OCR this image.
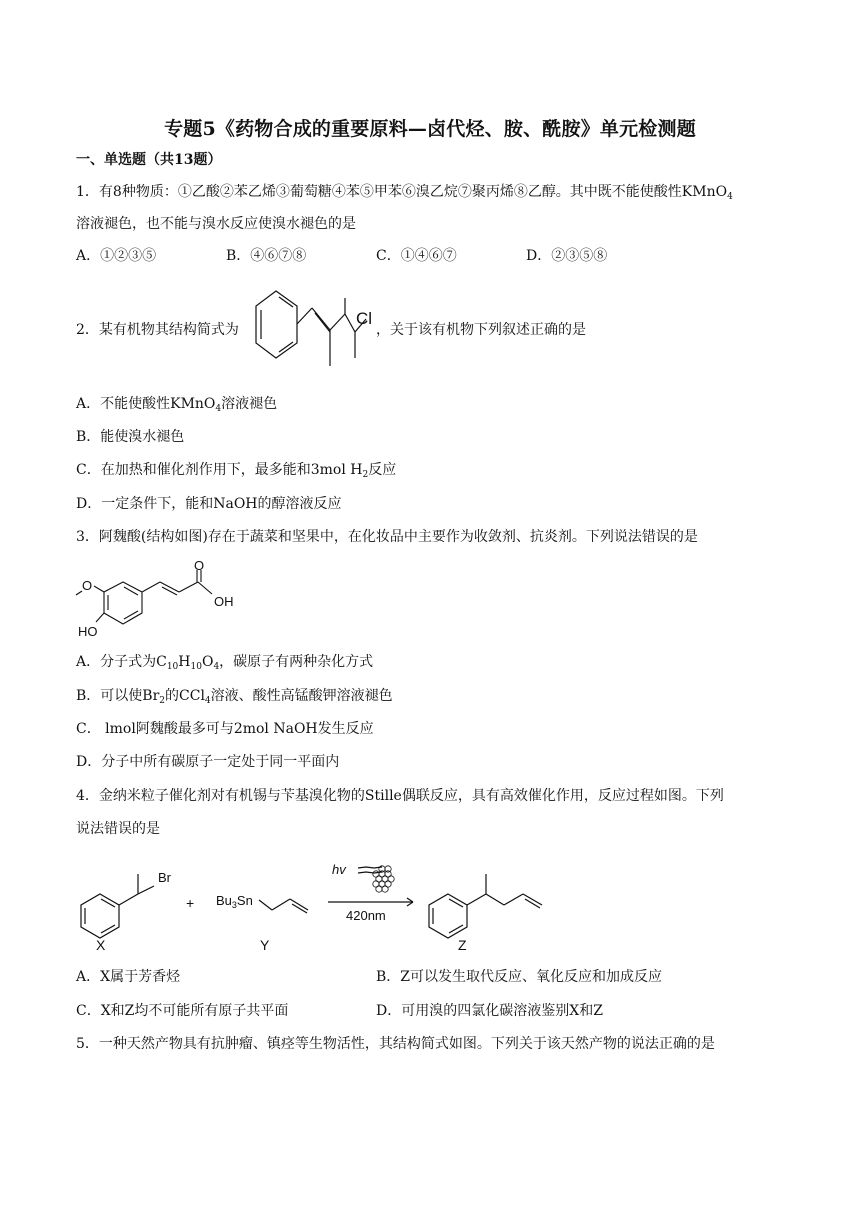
专题5《药物合成的重要原料—卤代烃、胺、酰胺》单元检测题
一、单选题（共13题）
1．有8种物质：①乙酸②苯乙烯③葡萄糖④苯⑤甲苯⑥溴乙烷⑦聚丙烯⑧乙醇。其中既不能使酸性KMnO$_4$
溶液褪色，也不能与溴水反应使溴水褪色的是
A．①②③⑤	B．④⑥⑦⑧	C．①④⑥⑦	D．②③⑤⑧
2．某有机物其结构简式为
Cl
，关于该有机物下列叙述正确的是
A．不能使酸性KMnO$_4$溶液褪色
B．能使溴水褪色
C．在加热和催化剂作用下，最多能和3mol $H_2$反应
D．一定条件下，能和NaOH的醇溶液反应
3．阿魏酸(结构如图)存在于蔬菜和坚果中，在化妆品中主要作为收敛剂、抗炎剂。下列说法错误的是
O
O
OH
HO
A．分子式为$C_{10}H_{10}O_4$，碳原子有两种杂化方式
B．可以使$Br_2$的CCl$_4$溶液、酸性高锰酸钾溶液褪色
C． lmol阿魏酸最多可与2mol NaOH发生反应
D．分子中所有碳原子一定处于同一平面内
4．金纳米粒子催化剂对有机锡与苄基溴化物的Stille偶联反应，具有高效催化作用，反应过程如图。下列
说法错误的是
Br
+ $Bu_3Sn$
hv
420nm
X	Y	Z
A．X属于芳香烃	B．Z可以发生取代反应、氧化反应和加成反应
C．X和Z均不可能所有原子共平面	D．可用溴的四氯化碳溶液鉴别X和Z
5．一种天然产物具有抗肿瘤、镇痉等生物活性，其结构简式如图。下列关于该天然产物的说法正确的是
